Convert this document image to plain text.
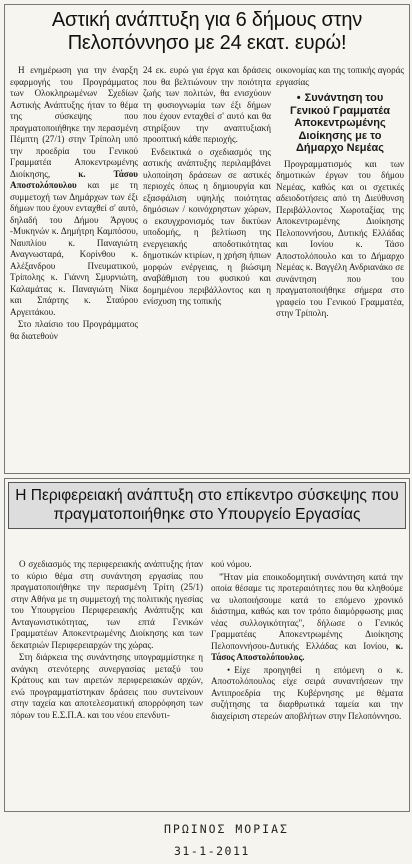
Αστική ανάπτυξη για 6 δήμους στην Πελοπόννησο με 24 εκατ. ευρώ!

Η ενημέρωση για την έναρξη εφαρμογής του Προγράμματος των Ολοκληρωμένων Σχεδίων Αστικής Ανάπτυξης ήταν το θέμα της σύσκεψης που πραγματοποιήθηκε την περασμένη Πέμπτη (27/1) στην Τρίπολη υπό την προεδρία του Γενικού Γραμματέα Αποκεντρωμένης Διοίκησης,	κ. Τάσου Αποστολόπουλου και με τη συμμετοχή των Δημάρχων των έξι δήμων που έχουν ενταχθεί σ' αυτό, δηλαδή του Δήμου Άργους -Μυκηνών κ. Δημήτρη Καμπόσου, Ναυπλίου κ. Παναγιώτη Αναγνωσταρά, Κορίνθου κ. Αλέξανδρου Πνευματικού, Τρίπολης κ. Γιάννη Σμυρνιώτη, Καλαμάτας κ. Παναγιώτη Νίκα και Σπάρτης κ. Σταύρου Αργειτάκου.

Στο πλαίσιο του Προγράμματος θα διατεθούν

24 εκ. ευρώ για έργα και δράσεις που θα βελτιώνουν την ποιότητα ζωής των πολιτών, θα ενισχύουν τη φυσιογνωμία των έξι δήμων που έχουν ενταχθεί σ' αυτό και θα στηρίξουν την αναπτυξιακή προοπτική κάθε περιοχής.

Ενδεικτικά ο σχεδιασμός της αστικής ανάπτυξης περιλαμβάνει υλοποίηση δράσεων σε αστικές περιοχές όπως η δημιουργία και εξασφάλιση υψηλής ποιότητας δημόσιων / κοινόχρηστων χώρων, ο εκσυγχρονισμός των δικτύων υποδομής, η βελτίωση της ενεργειακής αποδοτικότητας δημοτικών κτιρίων, η χρήση ήπιων μορφών ενέργειας, η βιώσιμη αναβάθμιση του φυσικού και δομημένου περιβάλλοντος και η ενίσχυση της τοπικής

οικονομίας και της τοπικής αγοράς εργασίας

• Συνάντηση του Γενικού Γραμματέα Αποκεντρωμένης Διοίκησης με το Δήμαρχο Νεμέας

Προγραμματισμός και των δημοτικών έργων του δήμου Νεμέας, καθώς και οι σχετικές αδειοδοτήσεις από τη Διεύθυνση Περιβάλλοντος Χωροταξίας της Αποκεντρωμένης Διοίκησης Πελοποννήσου, Δυτικής Ελλάδας και Ιονίου κ. Τάσο Αποστολόπουλο και το Δήμαρχο Νεμέας κ. Βαγγέλη Ανδριανάκο σε συνάντηση που του πραγματοποιήθηκε σήμερα στο γραφείο του Γενικού Γραμματέα, στην Τρίπολη.

Η Περιφερειακή ανάπτυξη στο επίκεντρο σύσκεψης που πραγματοποιήθηκε στο Υπουργείο Εργασίας

Ο σχεδιασμός της περιφερειακής ανάπτυξης ήταν το κύριο θέμα στη συνάντηση εργασίας που πραγματοποιήθηκε την περασμένη Τρίτη (25/1) στην Αθήνα με τη συμμετοχή της πολιτικής ηγεσίας του Υπουργείου Περιφερειακής Ανάπτυξης και Ανταγωνιστικότητας, των επτά Γενικών Γραμματέων Αποκεντρωμένης Διοίκησης και των δεκατριών Περιφερειαρχών της χώρας.

Στη διάρκεια της συνάντησης υπογραμμίστηκε η ανάγκη στενότερης συνεργασίας μεταξύ του Κράτους και των αιρετών περιφερειακών αρχών, ενώ προγραμματίστηκαν δράσεις που συντείνουν στην ταχεία και αποτελεσματική απορρόφηση των πόρων του Ε.Σ.Π.Α. και του νέου επενδυτι-

κού νόμου.

"Ήταν μία εποικοδομητική συνάντηση κατά την οποία θέσαμε τις προτεραιότητες που θα κληθούμε να υλοποιήσουμε κατά το επόμενο χρονικό διάστημα, καθώς και τον τρόπο διαμόρφωσης μιας νέας συλλογικότητας", δήλωσε ο Γενικός Γραμματέας Αποκεντρωμένης Διοίκησης Πελοποννήσου-Δυτικής Ελλάδας και Ιονίου, κ. Τάσος Αποστολόπουλος.

• Είχε προηγηθεί η επόμενη ο κ. Αποστολόπουλος είχε σειρά συναντήσεων την Αντιπροεδρία της Κυβέρνησης με θέματα συζήτησης τα διαρθρωτικά ταμεία και την διαχείριση στερεών αποβλήτων στην Πελοπόννησο.

ΠΡΩΙΝΟΣ ΜΟΡΙΑΣ
31-1-2011
